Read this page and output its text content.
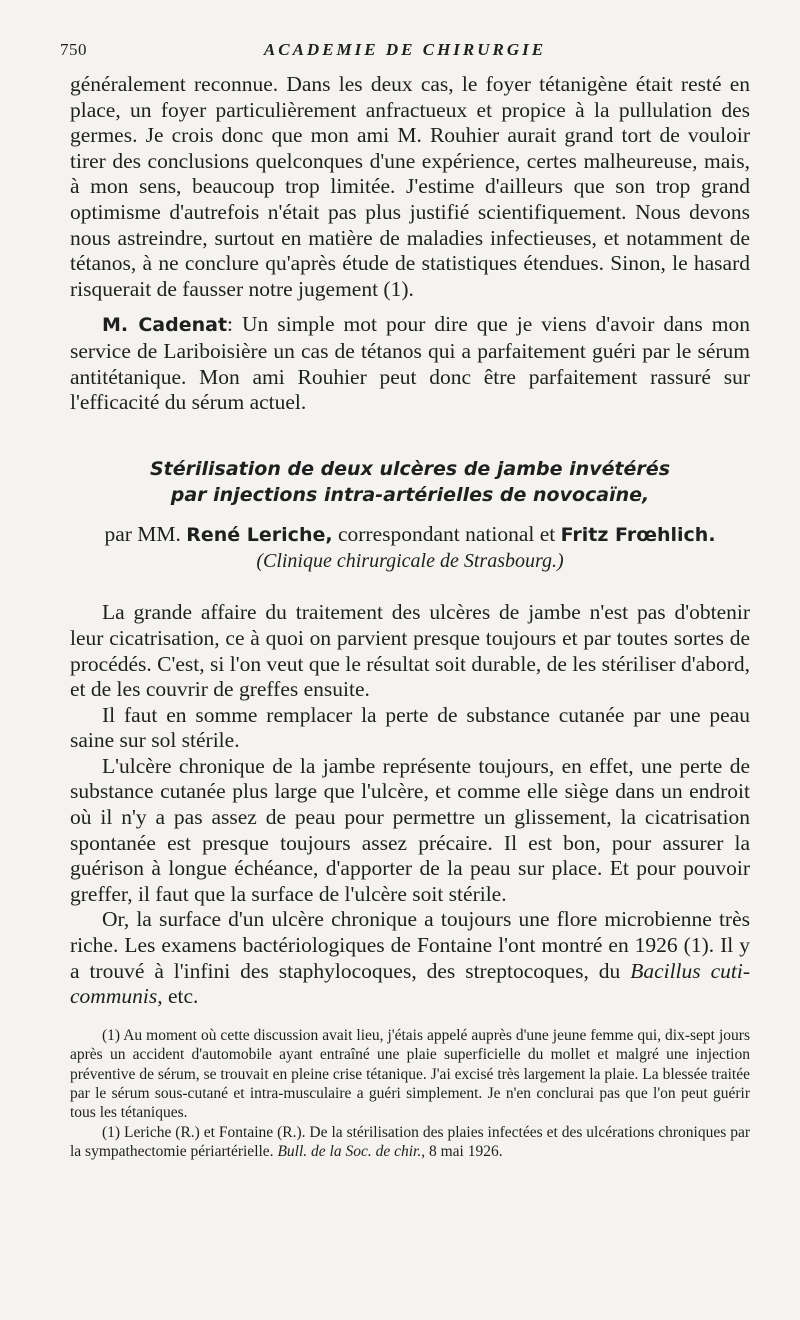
750	ACADEMIE DE CHIRURGIE

généralement reconnue. Dans les deux cas, le foyer tétanigène était resté en place, un foyer particulièrement anfractueux et propice à la pullulation des germes. Je crois donc que mon ami M. Rouhier aurait grand tort de vouloir tirer des conclusions quelconques d'une expérience, certes malheureuse, mais, à mon sens, beaucoup trop limitée. J'estime d'ailleurs que son trop grand optimisme d'autrefois n'était pas plus justifié scientifiquement. Nous devons nous astreindre, surtout en matière de maladies infectieuses, et notamment de tétanos, à ne conclure qu'après étude de statistiques étendues. Sinon, le hasard risquerait de fausser notre jugement (1).

M. Cadenat: Un simple mot pour dire que je viens d'avoir dans mon service de Lariboisière un cas de tétanos qui a parfaitement guéri par le sérum antitétanique. Mon ami Rouhier peut donc être parfaitement rassuré sur l'efficacité du sérum actuel.

Stérilisation de deux ulcères de jambe invétérés
par injections intra-artérielles de novocaïne,
par MM. René Leriche, correspondant national et Fritz Frœhlich.
(Clinique chirurgicale de Strasbourg.)

La grande affaire du traitement des ulcères de jambe n'est pas d'obtenir leur cicatrisation, ce à quoi on parvient presque toujours et par toutes sortes de procédés. C'est, si l'on veut que le résultat soit durable, de les stériliser d'abord, et de les couvrir de greffes ensuite.

Il faut en somme remplacer la perte de substance cutanée par une peau saine sur sol stérile.

L'ulcère chronique de la jambe représente toujours, en effet, une perte de substance cutanée plus large que l'ulcère, et comme elle siège dans un endroit où il n'y a pas assez de peau pour permettre un glissement, la cicatrisation spontanée est presque toujours assez précaire. Il est bon, pour assurer la guérison à longue échéance, d'apporter de la peau sur place. Et pour pouvoir greffer, il faut que la surface de l'ulcère soit stérile.

Or, la surface d'un ulcère chronique a toujours une flore microbienne très riche. Les examens bactériologiques de Fontaine l'ont montré en 1926 (1). Il y a trouvé à l'infini des staphylocoques, des streptocoques, du Bacillus cuti-communis, etc.

(1) Au moment où cette discussion avait lieu, j'étais appelé auprès d'une jeune femme qui, dix-sept jours après un accident d'automobile ayant entraîné une plaie superficielle du mollet et malgré une injection préventive de sérum, se trouvait en pleine crise tétanique. J'ai excisé très largement la plaie. La blessée traitée par le sérum sous-cutané et intra-musculaire a guéri simplement. Je n'en conclurai pas que l'on peut guérir tous les tétaniques.

(1) Leriche (R.) et Fontaine (R.). De la stérilisation des plaies infectées et des ulcérations chroniques par la sympathectomie périartérielle. Bull. de la Soc. de chir., 8 mai 1926.
